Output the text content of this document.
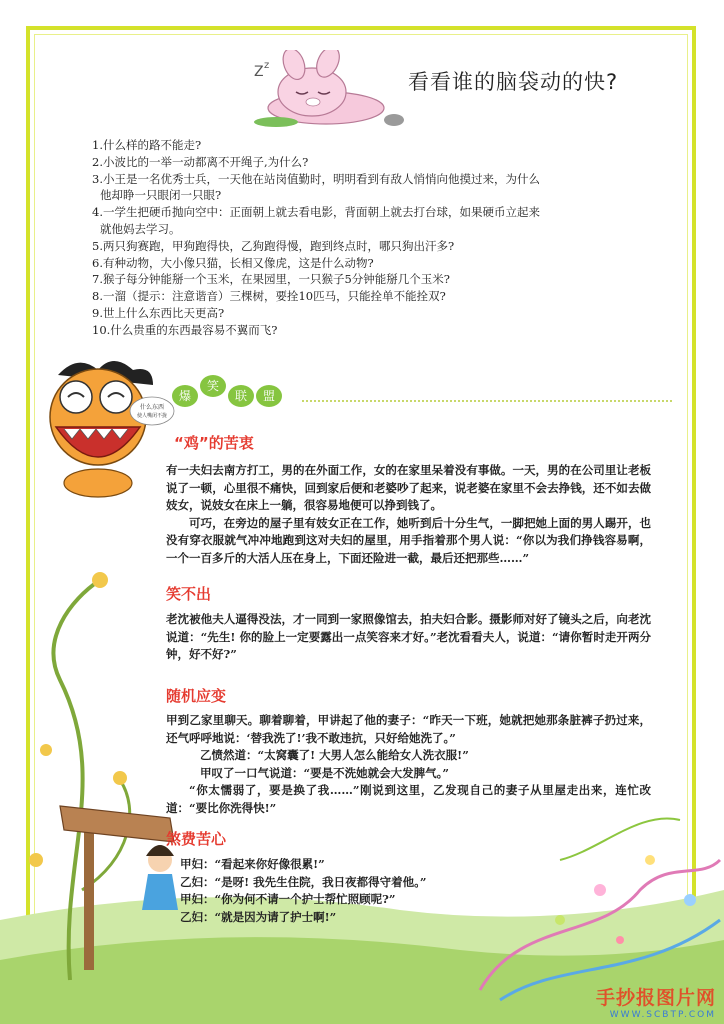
Z z
看看谁的脑袋动的快?
1.什么样的路不能走?
2.小波比的一举一动都离不开绳子,为什么?
3.小王是一名优秀士兵，一天他在站岗值勤时，明明看到有敌人悄悄向他摸过来，为什么
他却睁一只眼闭一只眼?
4.一学生把硬币抛向空中：正面朝上就去看电影，背面朝上就去打台球，如果硬币立起来
就他妈去学习。
5.两只狗赛跑，甲狗跑得快，乙狗跑得慢，跑到终点时，哪只狗出汗多?
6.有种动物，大小像只猫，长相又像虎，这是什么动物?
7.猴子每分钟能掰一个玉米，在果园里，一只猴子5分钟能掰几个玉米?
8.一溜（提示：注意谐音）三棵树，要拴10匹马，只能拴单不能拴双?
9.世上什么东西比天更高?
10.什么贵重的东西最容易不翼而飞?
什么东西
使人嘴闭不拢
爆
笑
联	盟
“鸡”的苦衷

有一夫妇去南方打工，男的在外面工作，女的在家里呆着没有事做。一天，男的在公司里让老板说了一顿，心里很不痛快，回到家后便和老婆吵了起来，说老婆在家里不会去挣钱，还不如去做妓女，说妓女在床上一躺，很容易地便可以挣到钱了。

可巧，在旁边的屋子里有妓女正在工作，她听到后十分生气，一脚把她上面的男人踢开，也没有穿衣服就气冲冲地跑到这对夫妇的屋里，用手指着那个男人说：“你以为我们挣钱容易啊，一个一百多斤的大活人压在身上，下面还险进一截，最后还把那些……”

笑不出

老沈被他夫人逼得没法，才一同到一家照像馆去，拍夫妇合影。摄影师对好了镜头之后，向老沈说道：“先生! 你的脸上一定要露出一点笑容来才好。”老沈看看夫人，说道：“请你暂时走开两分钟，好不好?”

随机应变

甲到乙家里聊天。聊着聊着，甲讲起了他的妻子：“昨天一下班，她就把她那条脏裤子扔过来，还气呼呼地说：‘替我洗了!’我不敢违抗，只好给她洗了。”

乙愤然道：“太窝囊了! 大男人怎么能给女人洗衣服!”

甲叹了一口气说道：“要是不洗她就会大发脾气。”

“你太懦弱了，要是换了我……”刚说到这里，乙发现自己的妻子从里屋走出来，连忙改道：“要比你洗得快!”

煞费苦心

甲妇：“看起来你好像很累!”

乙妇：“是呀! 我先生住院，我日夜都得守着他。”

甲妇：“你为何不请一个护士帮忙照顾呢?”

乙妇：“就是因为请了护士啊!”

手抄报图片网
WWW.SCBTP.COM
